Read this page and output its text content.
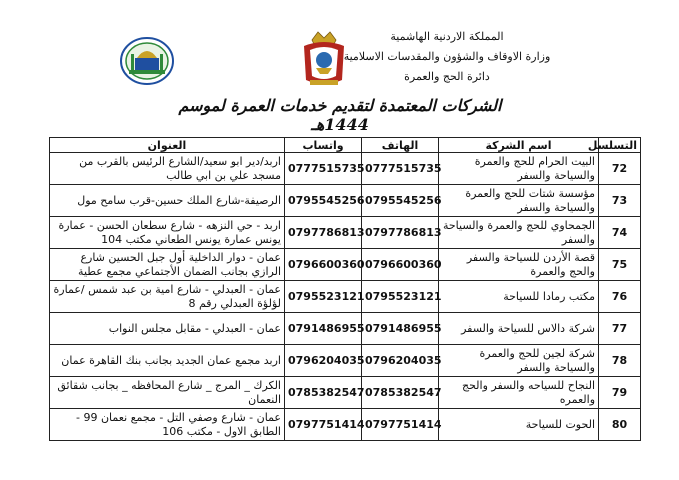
المملكة الاردنية الهاشمية
وزارة الاوقاف والشؤون والمقدسات الاسلامية
دائرة الحج والعمرة
الشركات المعتمدة لتقديم خدمات العمرة لموسم 1444هـ
التسلسل	اسم الشركة	الهاتف	واتساب	العنوان
72	البيت الحرام للحج والعمرة والسياحة والسفر	0777515735	0777515735	اربد/دير ابو سعيد/الشارع الرئيس بالقرب من مسجد علي بن ابي طالب
73	مؤسسة شتات للحج والعمرة والسياحة والسفر	0795545256	0795545256	الرصيفة-شارع الملك حسين-قرب سامح مول
74	الجمحاوي للحج والعمرة والسياحة والسفر	0797786813	0797786813	اربد - حي النزهه - شارع سطعان الحسن - عمارة يونس عمارة يونس الطعاني مكتب 104
75	قصة الأردن للسياحة والسفر والحج والعمرة	0796600360	0796600360	عمان - دوار الداخلية أول جبل الحسين شارع الرازي بجانب الضمان الأجتماعي مجمع عطية
76	مكتب رمادا للسياحة	0795523121	0795523121	عمان - العبدلي - شارع امية بن عبد شمس /عمارة لؤلؤة العبدلي رقم 8
77	شركة دالاس للسياحة والسفر	0791486955	0791486955	عمان - العبدلي - مقابل مجلس النواب
78	شركة لجين للحج والعمرة والسياحة والسفر	0796204035	0796204035	اربد مجمع عمان الجديد بجانب بنك القاهرة عمان
79	النجاح للسياحه والسفر والحج والعمره	0785382547	0785382547	الكرك _ المرج _ شارع المحافظه _ بجانب شقائق النعمان
80	الحوت للسياحة	0797751414	0797751414	عمان - شارع وصفي التل - مجمع نعمان 99 - الطابق الاول - مكتب 106
